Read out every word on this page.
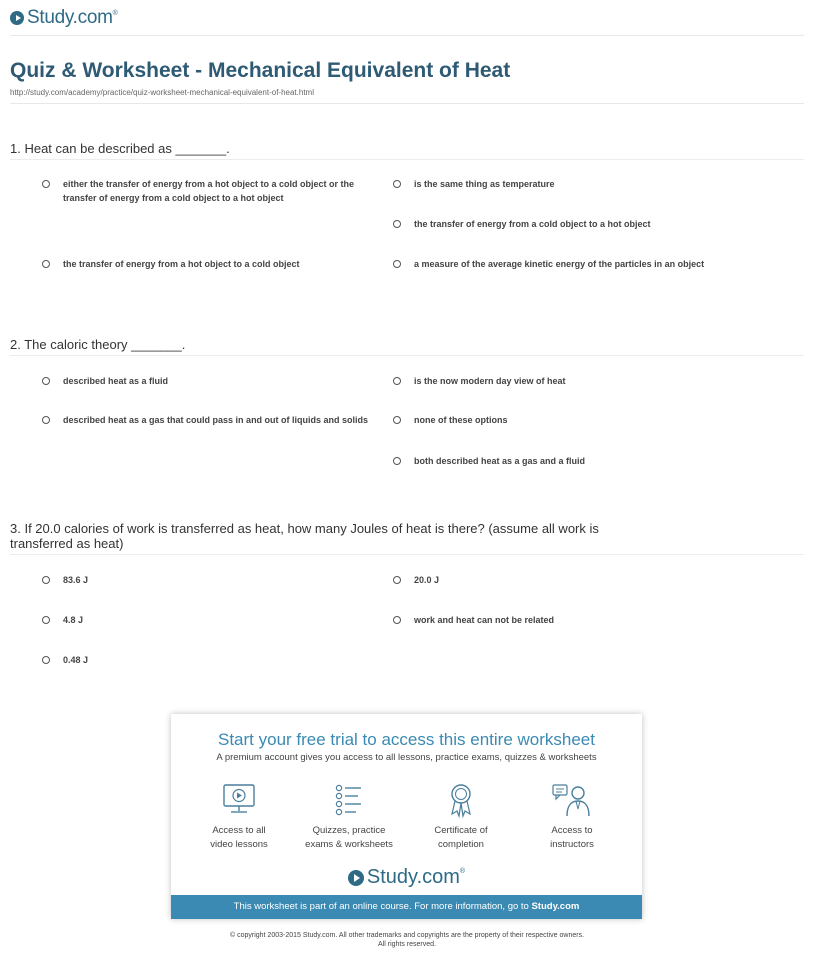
Study.com ®
Quiz & Worksheet - Mechanical Equivalent of Heat
http://study.com/academy/practice/quiz-worksheet-mechanical-equivalent-of-heat.html
1. Heat can be described as _______.
either the transfer of energy from a hot object to a cold object or the transfer of energy from a cold object to a hot object
is the same thing as temperature
the transfer of energy from a cold object to a hot object
the transfer of energy from a hot object to a cold object	a measure of the average kinetic energy of the particles in an object
2. The caloric theory _______.
described heat as a fluid	is the now modern day view of heat
described heat as a gas that could pass in and out of liquids and solids	none of these options
both described heat as a gas and a fluid
3. If 20.0 calories of work is transferred as heat, how many Joules of heat is there? (assume all work is transferred as heat)
83.6 J	20.0 J
4.8 J	work and heat can not be related
0.48 J
Start your free trial to access this entire worksheet
A premium account gives you access to all lessons, practice exams, quizzes & worksheets
Access to all
video lessons
Quizzes, practice
exams & worksheets
Certificate of
completion
Access to
instructors
Study.com ®
This worksheet is part of an online course. For more information, go to Study.com
© copyright 2003-2015 Study.com. All other trademarks and copyrights are the property of their respective owners.
All rights reserved.
